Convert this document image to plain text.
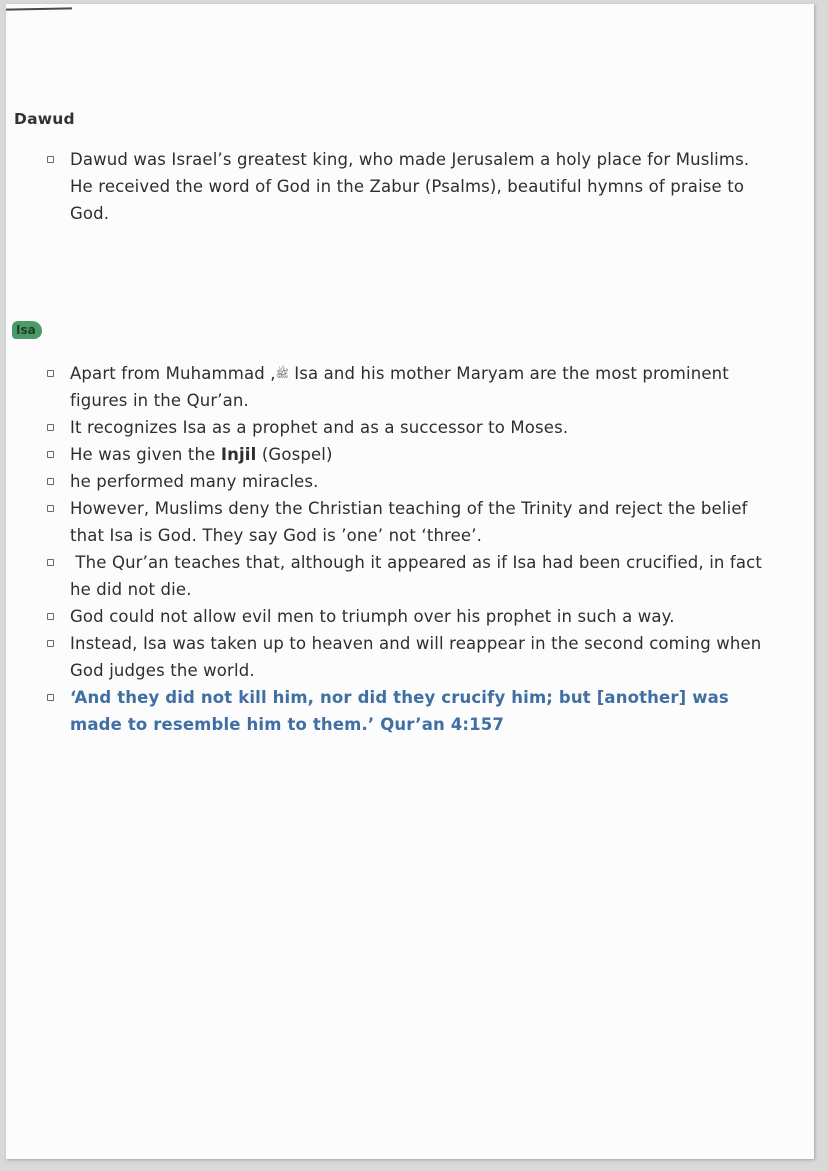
Dawud
Dawud was Israel’s greatest king, who made Jerusalem a holy place for Muslims. He received the word of God in the Zabur (Psalms), beautiful hymns of praise to God.
Isa
Apart from Muhammad ,ﷺ Isa and his mother Maryam are the most prominent figures in the Qur’an.
It recognizes Isa as a prophet and as a successor to Moses.
He was given the Injil (Gospel)
he performed many miracles.
However, Muslims deny the Christian teaching of the Trinity and reject the belief that Isa is God. They say God is ’one’ not ‘three’.
The Qur’an teaches that, although it appeared as if Isa had been crucified, in fact he did not die.
God could not allow evil men to triumph over his prophet in such a way.
Instead, Isa was taken up to heaven and will reappear in the second coming when God judges the world.
‘And they did not kill him, nor did they crucify him; but [another] was made to resemble him to them.’ Qur’an 4:157
